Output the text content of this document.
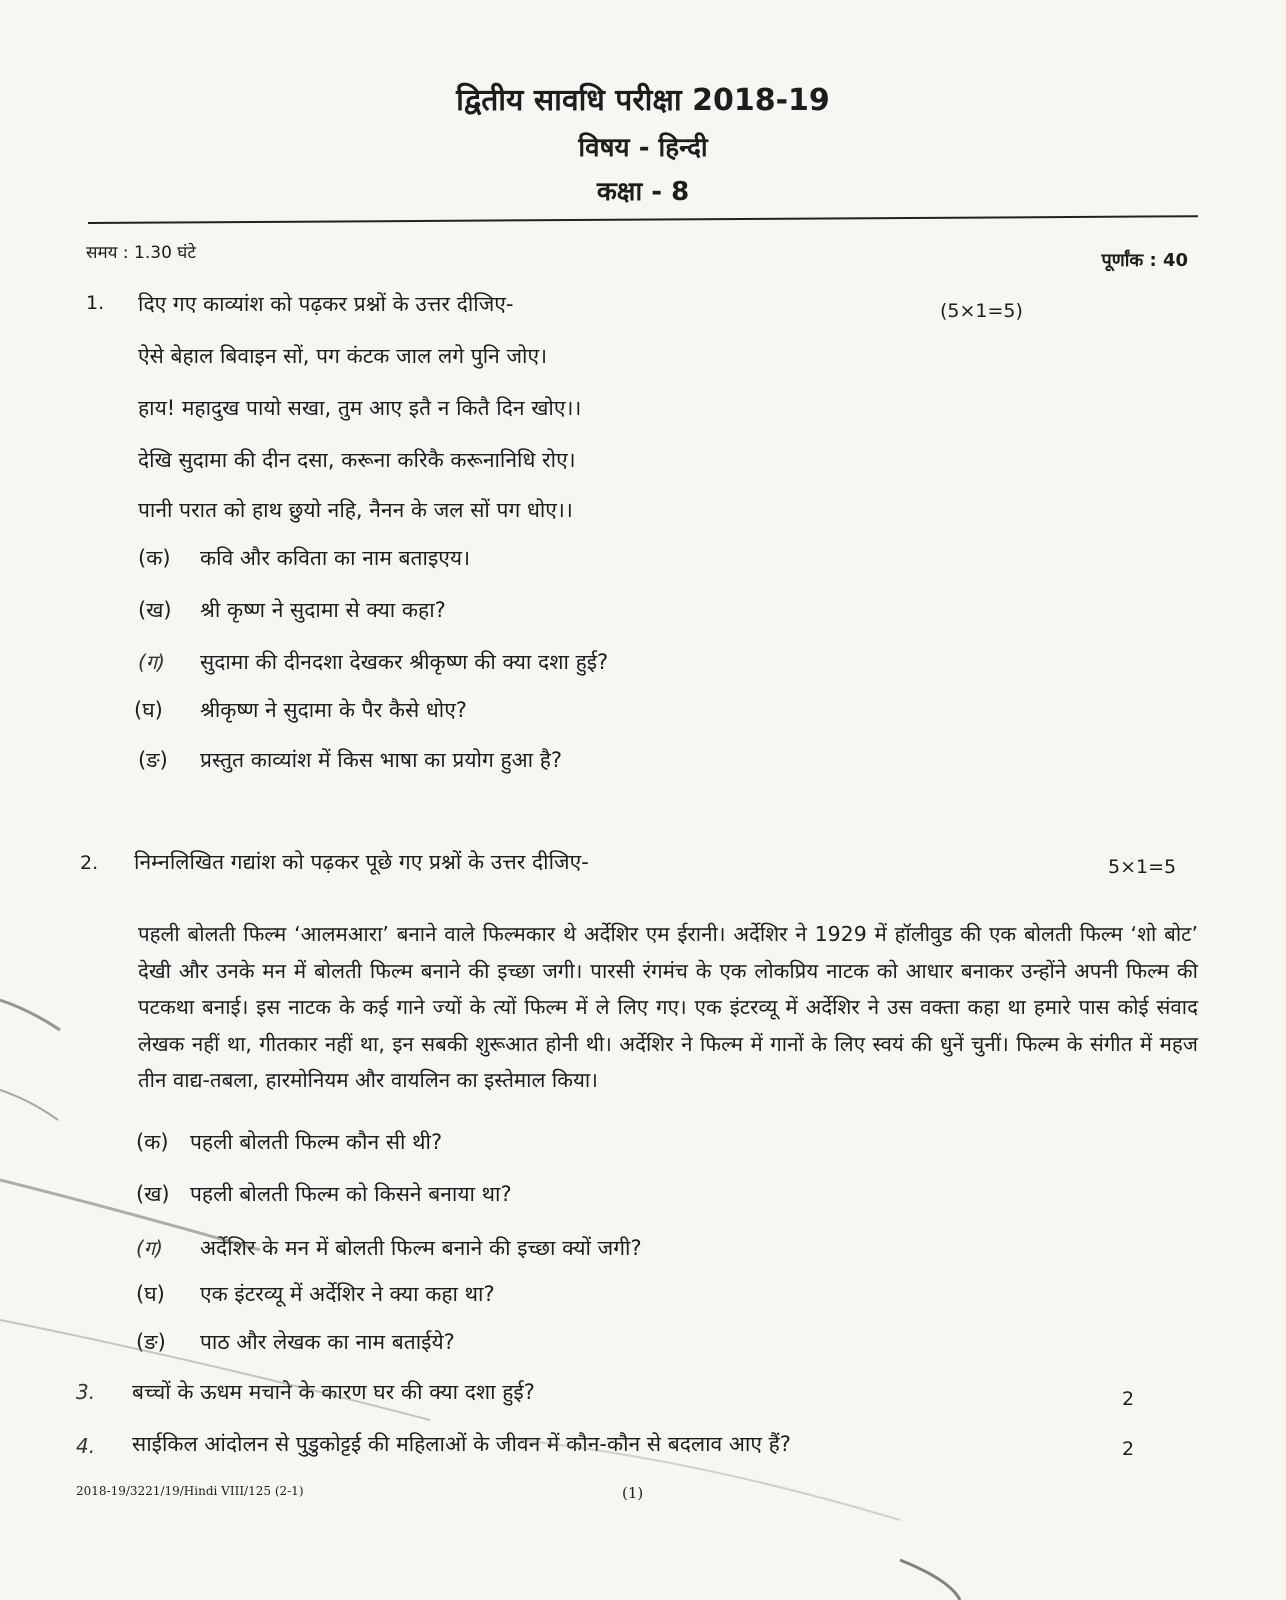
द्वितीय सावधि परीक्षा 2018-19
विषय - हिन्दी
कक्षा - 8
समय : 1.30 घंटे	पूर्णांक : 40
1. दिए गए काव्यांश को पढ़कर प्रश्नों के उत्तर दीजिए-	(5×1=5)
ऐसे बेहाल बिवाइन सों, पग कंटक जाल लगे पुनि जोए।
हाय! महादुख पायो सखा, तुम आए इतै न कितै दिन खोए।।
देखि सुदामा की दीन दसा, करूना करिकै करूनानिधि रोए।
पानी परात को हाथ छुयो नहि, नैनन के जल सों पग धोए।।
(क) कवि और कविता का नाम बताइएय।
(ख) श्री कृष्ण ने सुदामा से क्या कहा?
(ग) सुदामा की दीनदशा देखकर श्रीकृष्ण की क्या दशा हुई?
(घ) श्रीकृष्ण ने सुदामा के पैर कैसे धोए?
(ङ) प्रस्तुत काव्यांश में किस भाषा का प्रयोग हुआ है?
2. निम्नलिखित गद्यांश को पढ़कर पूछे गए प्रश्नों के उत्तर दीजिए-	5×1=5
पहली बोलती फिल्म ‘आलमआरा’ बनाने वाले फिल्मकार थे अर्देशिर एम ईरानी। अर्देशिर ने 1929 में हॉलीवुड की एक बोलती फिल्म ‘शो बोट’ देखी और उनके मन में बोलती फिल्म बनाने की इच्छा जगी। पारसी रंगमंच के एक लोकप्रिय नाटक को आधार बनाकर उन्होंने अपनी फिल्म की पटकथा बनाई। इस नाटक के कई गाने ज्यों के त्यों फिल्म में ले लिए गए। एक इंटरव्यू में अर्देशिर ने उस वक्ता कहा था हमारे पास कोई संवाद लेखक नहीं था, गीतकार नहीं था, इन सबकी शुरूआत होनी थी। अर्देशिर ने फिल्म में गानों के लिए स्वयं की धुनें चुनीं। फिल्म के संगीत में महज तीन वाद्य-तबला, हारमोनियम और वायलिन का इस्तेमाल किया।
(क) पहली बोलती फिल्म कौन सी थी?
(ख) पहली बोलती फिल्म को किसने बनाया था?
(ग) अर्देशिर के मन में बोलती फिल्म बनाने की इच्छा क्यों जगी?
(घ) एक इंटरव्यू में अर्देशिर ने क्या कहा था?
(ङ) पाठ और लेखक का नाम बताईये?
3. बच्चों के ऊधम मचाने के कारण घर की क्या दशा हुई?	2
4. साईकिल आंदोलन से पुडुकोट्टई की महिलाओं के जीवन में कौन-कौन से बदलाव आए हैं?	2
2018-19/3221/19/Hindi VIII/125 (2-1)	(1)
